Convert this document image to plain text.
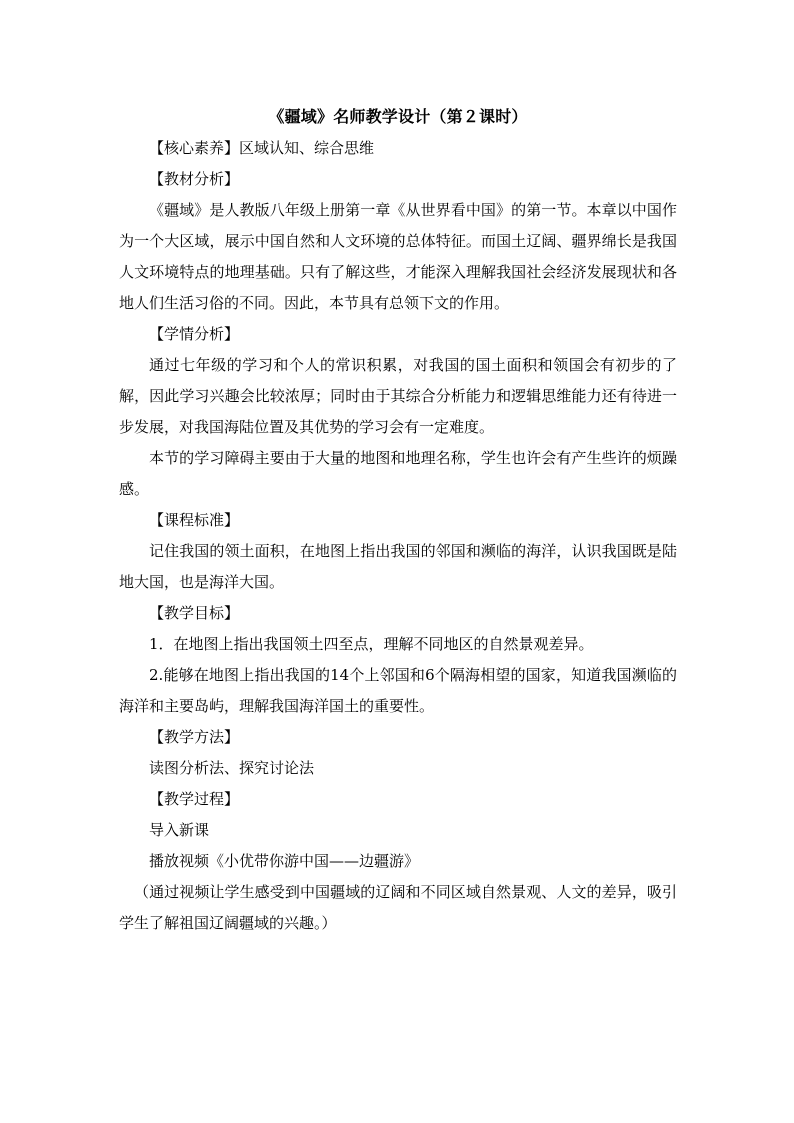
《疆域》名师教学设计（第２课时）

【核心素养】区域认知、综合思维

【教材分析】

《疆域》是人教版八年级上册第一章《从世界看中国》的第一节。本章以中国作为一个大区域，展示中国自然和人文环境的总体特征。而国土辽阔、疆界绵长是我国人文环境特点的地理基础。只有了解这些，才能深入理解我国社会经济发展现状和各地人们生活习俗的不同。因此，本节具有总领下文的作用。

【学情分析】

通过七年级的学习和个人的常识积累，对我国的国土面积和领国会有初步的了解，因此学习兴趣会比较浓厚；同时由于其综合分析能力和逻辑思维能力还有待进一步发展，对我国海陆位置及其优势的学习会有一定难度。

本节的学习障碍主要由于大量的地图和地理名称，学生也许会有产生些许的烦躁感。

【课程标准】

记住我国的领土面积，在地图上指出我国的邻国和濒临的海洋，认识我国既是陆地大国，也是海洋大国。

【教学目标】

1．在地图上指出我国领土四至点，理解不同地区的自然景观差异。

2.能够在地图上指出我国的14个上邻国和6个隔海相望的国家，知道我国濒临的海洋和主要岛屿，理解我国海洋国土的重要性。

【教学方法】

读图分析法、探究讨论法

【教学过程】

导入新课

播放视频《小优带你游中国——边疆游》

（通过视频让学生感受到中国疆域的辽阔和不同区域自然景观、人文的差异，吸引学生了解祖国辽阔疆域的兴趣。）
